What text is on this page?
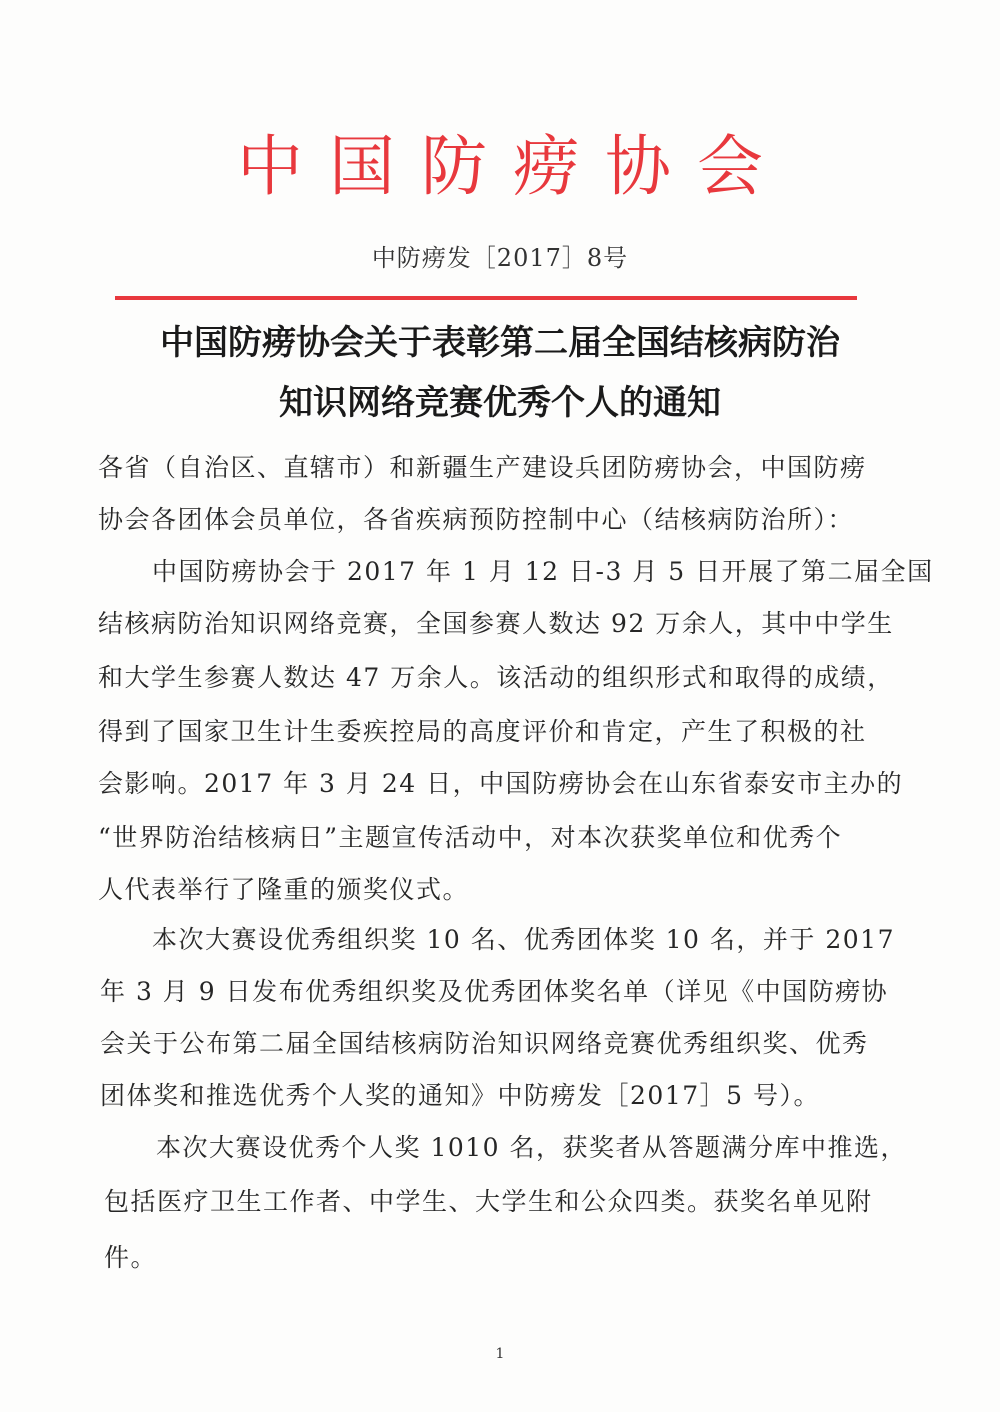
中国防痨协会
中防痨发［2017］8号
中国防痨协会关于表彰第二届全国结核病防治
知识网络竞赛优秀个人的通知
各省（自治区、直辖市）和新疆生产建设兵团防痨协会，中国防痨
协会各团体会员单位，各省疾病预防控制中心（结核病防治所）：
中国防痨协会于 2017 年 1 月 12 日-3 月 5 日开展了第二届全国
结核病防治知识网络竞赛，全国参赛人数达 92 万余人，其中中学生
和大学生参赛人数达 47 万余人。该活动的组织形式和取得的成绩，
得到了国家卫生计生委疾控局的高度评价和肯定，产生了积极的社
会影响。2017 年 3 月 24 日，中国防痨协会在山东省泰安市主办的
“世界防治结核病日”主题宣传活动中，对本次获奖单位和优秀个
人代表举行了隆重的颁奖仪式。
本次大赛设优秀组织奖 10 名、优秀团体奖 10 名，并于 2017
年 3 月 9 日发布优秀组织奖及优秀团体奖名单（详见《中国防痨协
会关于公布第二届全国结核病防治知识网络竞赛优秀组织奖、优秀
团体奖和推选优秀个人奖的通知》中防痨发［2017］5 号）。
本次大赛设优秀个人奖 1010 名，获奖者从答题满分库中推选，
包括医疗卫生工作者、中学生、大学生和公众四类。获奖名单见附
件。
1
